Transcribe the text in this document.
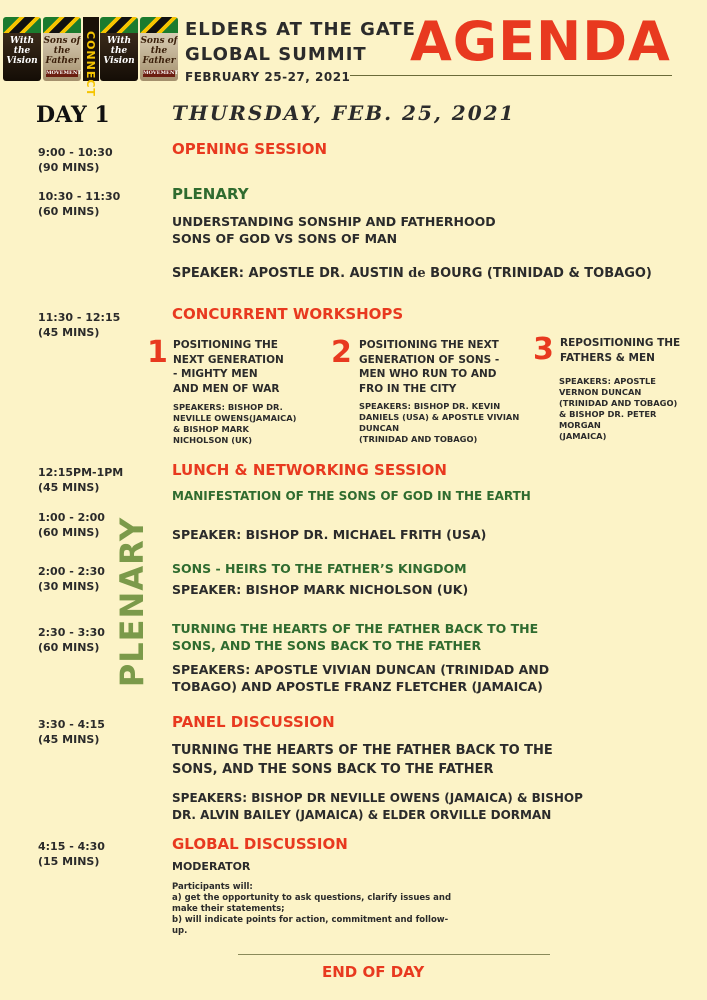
With the Vision
Sons of the Father
MOVEMENT CONNECT	With the Vision
Sons of the Father
MOVEMENT
ELDERS AT THE GATE
GLOBAL SUMMIT
FEBRUARY 25-27, 2021
AGENDA
DAY 1	THURSDAY, FEB. 25, 2021
9:00 - 10:30
(90 MINS)
OPENING SESSION
10:30 - 11:30
(60 MINS)
PLENARY
UNDERSTANDING SONSHIP AND FATHERHOOD
SONS OF GOD VS SONS OF MAN
SPEAKER: APOSTLE DR. AUSTIN de BOURG (TRINIDAD & TOBAGO)
11:30 - 12:15
(45 MINS)
CONCURRENT WORKSHOPS
1 POSITIONING THE
NEXT GENERATION
- MIGHTY MEN
AND MEN OF WAR
SPEAKERS: BISHOP DR.
NEVILLE OWENS(JAMAICA)
& BISHOP MARK
NICHOLSON (UK)
2 POSITIONING THE NEXT
GENERATION OF SONS -
MEN WHO RUN TO AND
FRO IN THE CITY
SPEAKERS: BISHOP DR. KEVIN
DANIELS (USA) & APOSTLE VIVIAN
DUNCAN
(TRINIDAD AND TOBAGO)
3 REPOSITIONING THE
FATHERS & MEN
SPEAKERS: APOSTLE
VERNON DUNCAN
(TRINIDAD AND TOBAGO)
& BISHOP DR. PETER
MORGAN
(JAMAICA)
12:15PM-1PM
(45 MINS)
LUNCH & NETWORKING SESSION
MANIFESTATION OF THE SONS OF GOD IN THE EARTH
PLENARY
1:00 - 2:00
(60 MINS)	SPEAKER: BISHOP DR. MICHAEL FRITH (USA)
2:00 - 2:30
(30 MINS)
SONS - HEIRS TO THE FATHER’S KINGDOM
SPEAKER: BISHOP MARK NICHOLSON (UK)
2:30 - 3:30
(60 MINS)
TURNING THE HEARTS OF THE FATHER BACK TO THE
SONS, AND THE SONS BACK TO THE FATHER
SPEAKERS: APOSTLE VIVIAN DUNCAN (TRINIDAD AND
TOBAGO) AND APOSTLE FRANZ FLETCHER (JAMAICA)
3:30 - 4:15
(45 MINS)
PANEL DISCUSSION
TURNING THE HEARTS OF THE FATHER BACK TO THE
SONS, AND THE SONS BACK TO THE FATHER
SPEAKERS: BISHOP DR NEVILLE OWENS (JAMAICA) & BISHOP
DR. ALVIN BAILEY (JAMAICA) & ELDER ORVILLE DORMAN
4:15 - 4:30
(15 MINS)
GLOBAL DISCUSSION
MODERATOR
Participants will:
a) get the opportunity to ask questions, clarify issues and
make their statements;
b) will indicate points for action, commitment and follow-
up.
END OF DAY
